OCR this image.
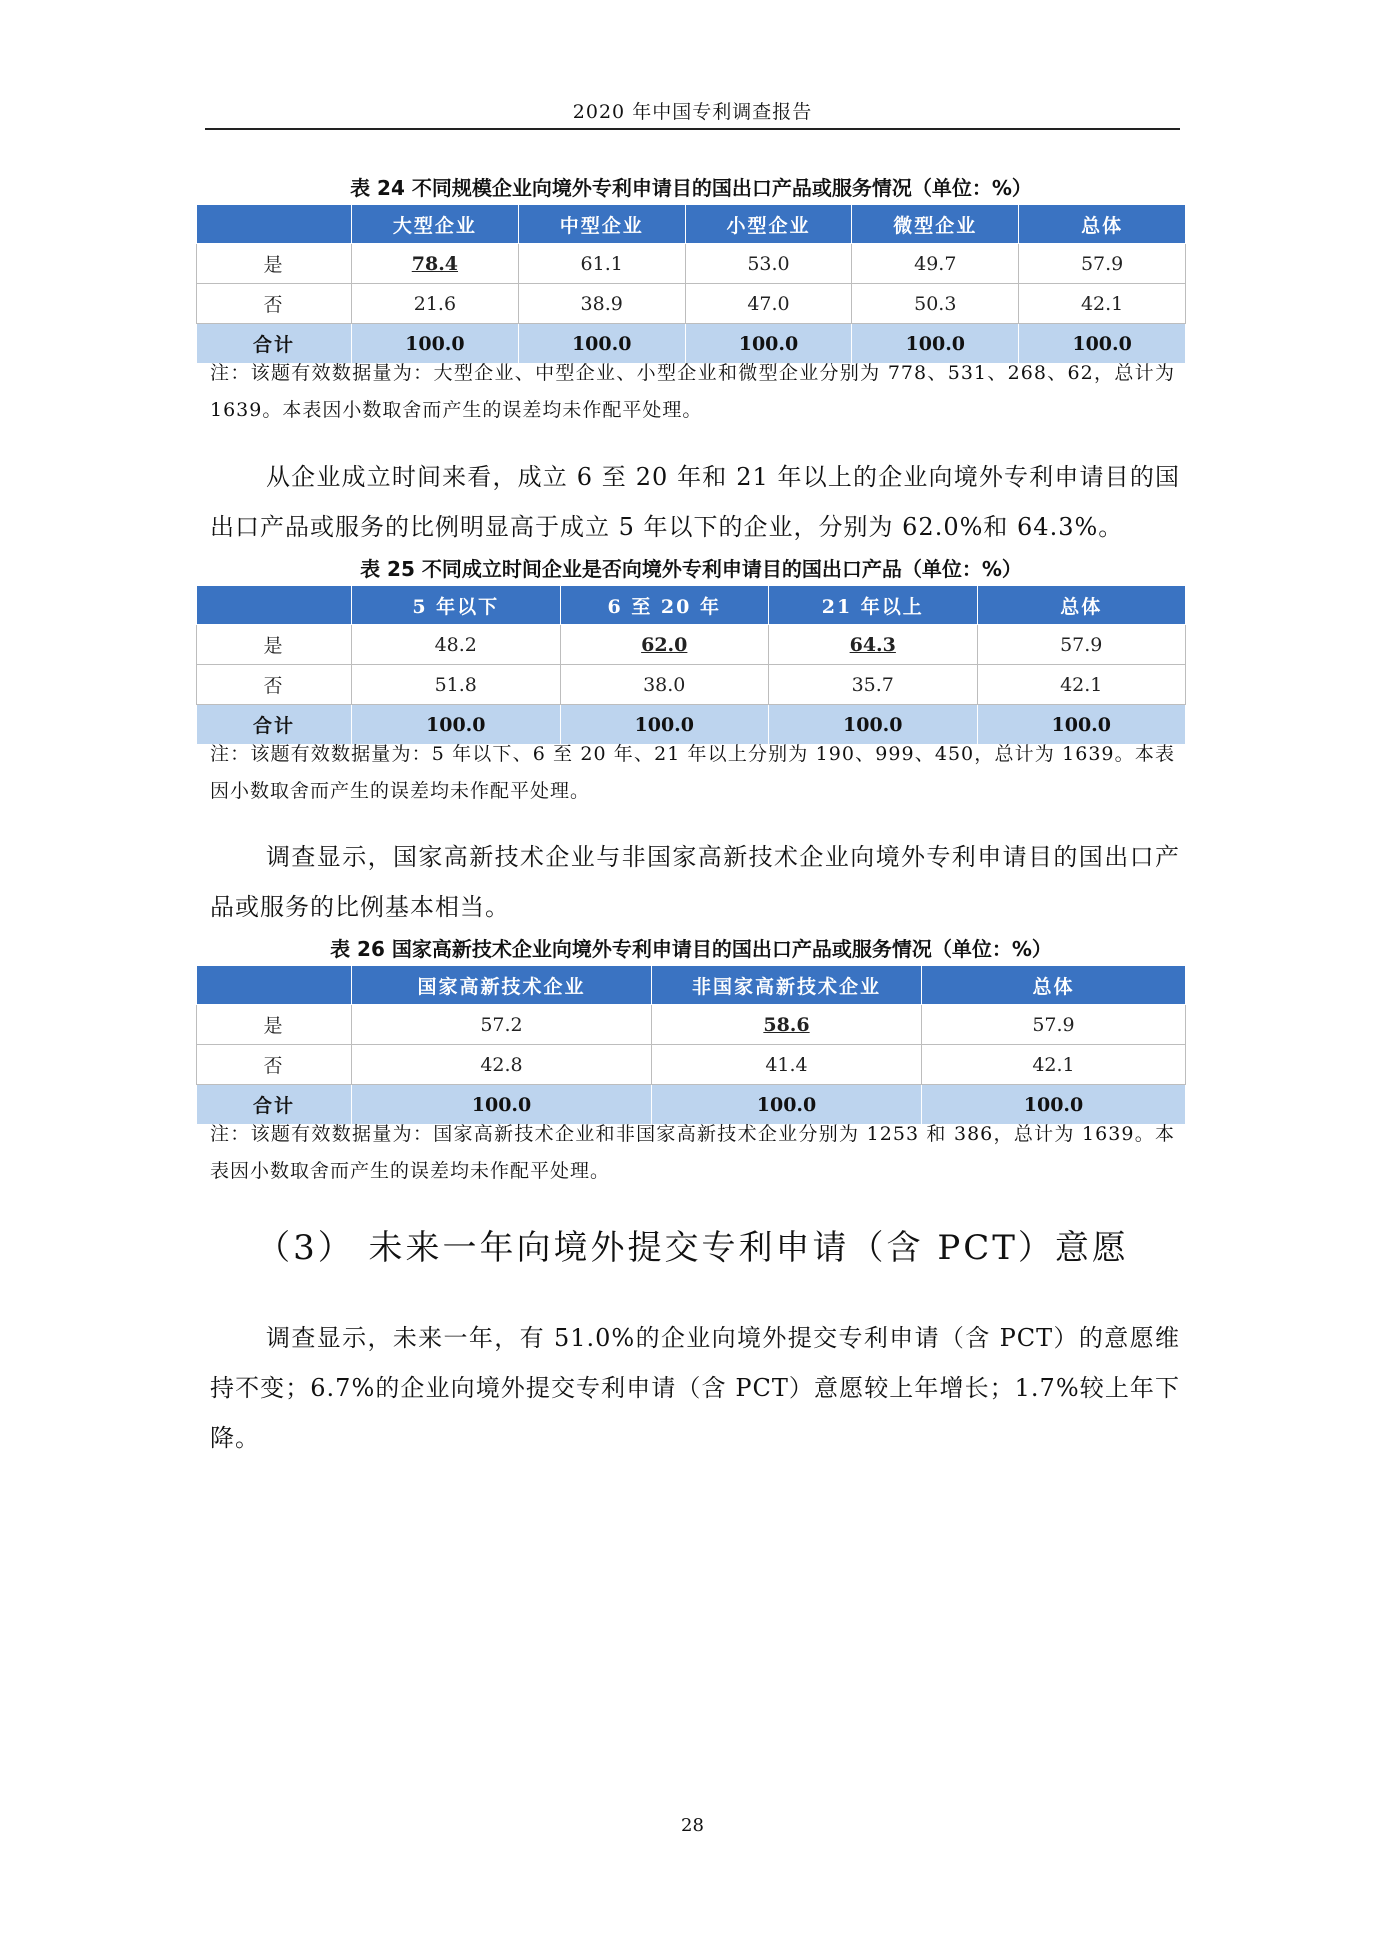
2020 年中国专利调查报告
表 24 不同规模企业向境外专利申请目的国出口产品或服务情况（单位：%）
	大型企业	中型企业	小型企业	微型企业	总体
是	78.4	61.1	53.0	49.7	57.9
否	21.6	38.9	47.0	50.3	42.1
合计	100.0	100.0	100.0	100.0	100.0
注：该题有效数据量为：大型企业、中型企业、小型企业和微型企业分别为 778、531、268、62，总计为 1639。本表因小数取舍而产生的误差均未作配平处理。
从企业成立时间来看，成立 6 至 20 年和 21 年以上的企业向境外专利申请目的国出口产品或服务的比例明显高于成立 5 年以下的企业，分别为 62.0%和 64.3%。
表 25 不同成立时间企业是否向境外专利申请目的国出口产品（单位：%）
	5 年以下	6 至 20 年	21 年以上	总体
是	48.2	62.0	64.3	57.9
否	51.8	38.0	35.7	42.1
合计	100.0	100.0	100.0	100.0
注：该题有效数据量为：5 年以下、6 至 20 年、21 年以上分别为 190、999、450，总计为 1639。本表因小数取舍而产生的误差均未作配平处理。
调查显示，国家高新技术企业与非国家高新技术企业向境外专利申请目的国出口产品或服务的比例基本相当。
表 26 国家高新技术企业向境外专利申请目的国出口产品或服务情况（单位：%）
	国家高新技术企业	非国家高新技术企业	总体
是	57.2	58.6	57.9
否	42.8	41.4	42.1
合计	100.0	100.0	100.0
注：该题有效数据量为：国家高新技术企业和非国家高新技术企业分别为 1253 和 386，总计为 1639。本表因小数取舍而产生的误差均未作配平处理。
（3） 未来一年向境外提交专利申请（含 PCT）意愿
调查显示，未来一年，有 51.0%的企业向境外提交专利申请（含 PCT）的意愿维持不变；6.7%的企业向境外提交专利申请（含 PCT）意愿较上年增长；1.7%较上年下降。
28
